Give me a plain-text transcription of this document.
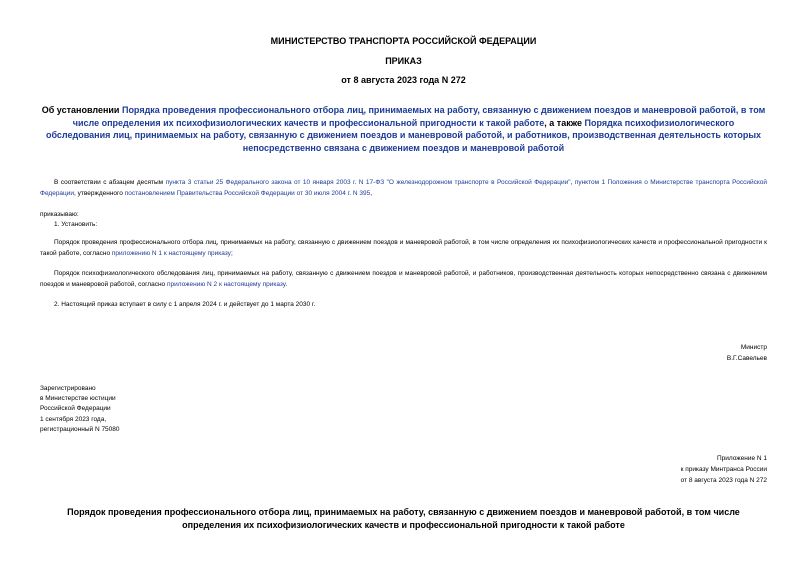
МИНИСТЕРСТВО ТРАНСПОРТА РОССИЙСКОЙ ФЕДЕРАЦИИ
ПРИКАЗ
от 8 августа 2023 года N 272
Об установлении Порядка проведения профессионального отбора лиц, принимаемых на работу, связанную с движением поездов и маневровой работой, в том числе определения их психофизиологических качеств и профессиональной пригодности к такой работе, а также Порядка психофизиологического обследования лиц, принимаемых на работу, связанную с движением поездов и маневровой работой, и работников, производственная деятельность которых непосредственно связана с движением поездов и маневровой работой
В соответствии с абзацем десятым пункта 3 статьи 25 Федерального закона от 10 января 2003 г. N 17-ФЗ "О железнодорожном транспорте в Российской Федерации", пунктом 1 Положения о Министерстве транспорта Российской Федерации, утвержденного постановлением Правительства Российской Федерации от 30 июля 2004 г. N 395,
приказываю:
1. Установить:
Порядок проведения профессионального отбора лиц, принимаемых на работу, связанную с движением поездов и маневровой работой, в том числе определения их психофизиологических качеств и профессиональной пригодности к такой работе, согласно приложению N 1 к настоящему приказу;
Порядок психофизиологического обследования лиц, принимаемых на работу, связанную с движением поездов и маневровой работой, и работников, производственная деятельность которых непосредственно связана с движением поездов и маневровой работой, согласно приложению N 2 к настоящему приказу.
2. Настоящий приказ вступает в силу с 1 апреля 2024 г. и действует до 1 марта 2030 г.
Министр
В.Г.Савельев
Зарегистрировано
в Министерстве юстиции
Российской Федерации
1 сентября 2023 года,
регистрационный N 75080
Приложение N 1
к приказу Минтранса России
от 8 августа 2023 года N 272
Порядок проведения профессионального отбора лиц, принимаемых на работу, связанную с движением поездов и маневровой работой, в том числе определения их психофизиологических качеств и профессиональной пригодности к такой работе
